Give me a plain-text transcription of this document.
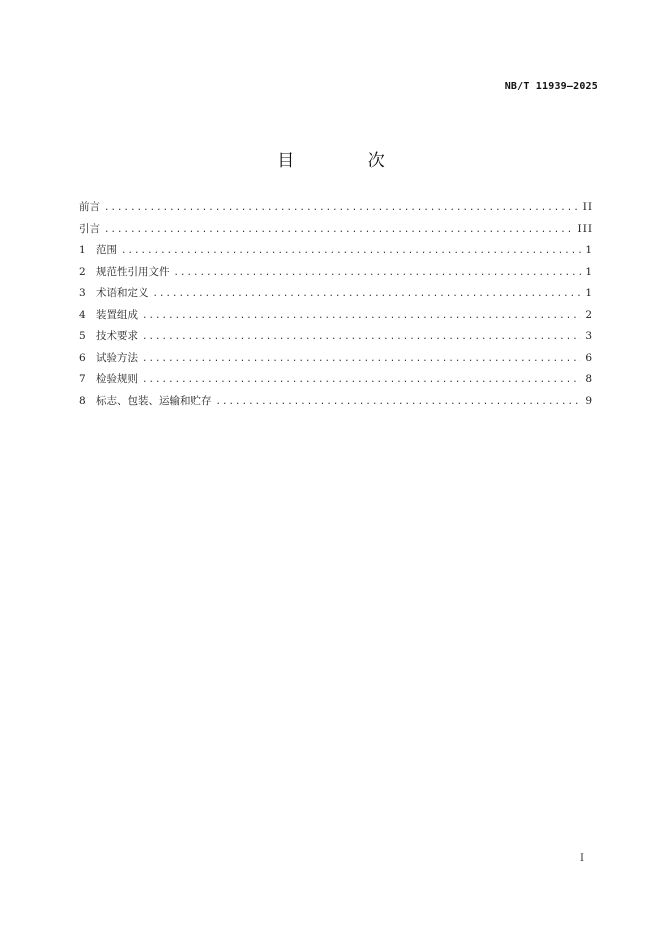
NB/T 11939—2025
目 次
前言 .....	II
引言 .....	III
1 范围 .....	1
2 规范性引用文件 .....	1
3 术语和定义 .....	1
4 装置组成 .....	2
5 技术要求 .....	3
6 试验方法 .....	6
7 检验规则 .....	8
8 标志、包装、运输和贮存 .....	9
I
